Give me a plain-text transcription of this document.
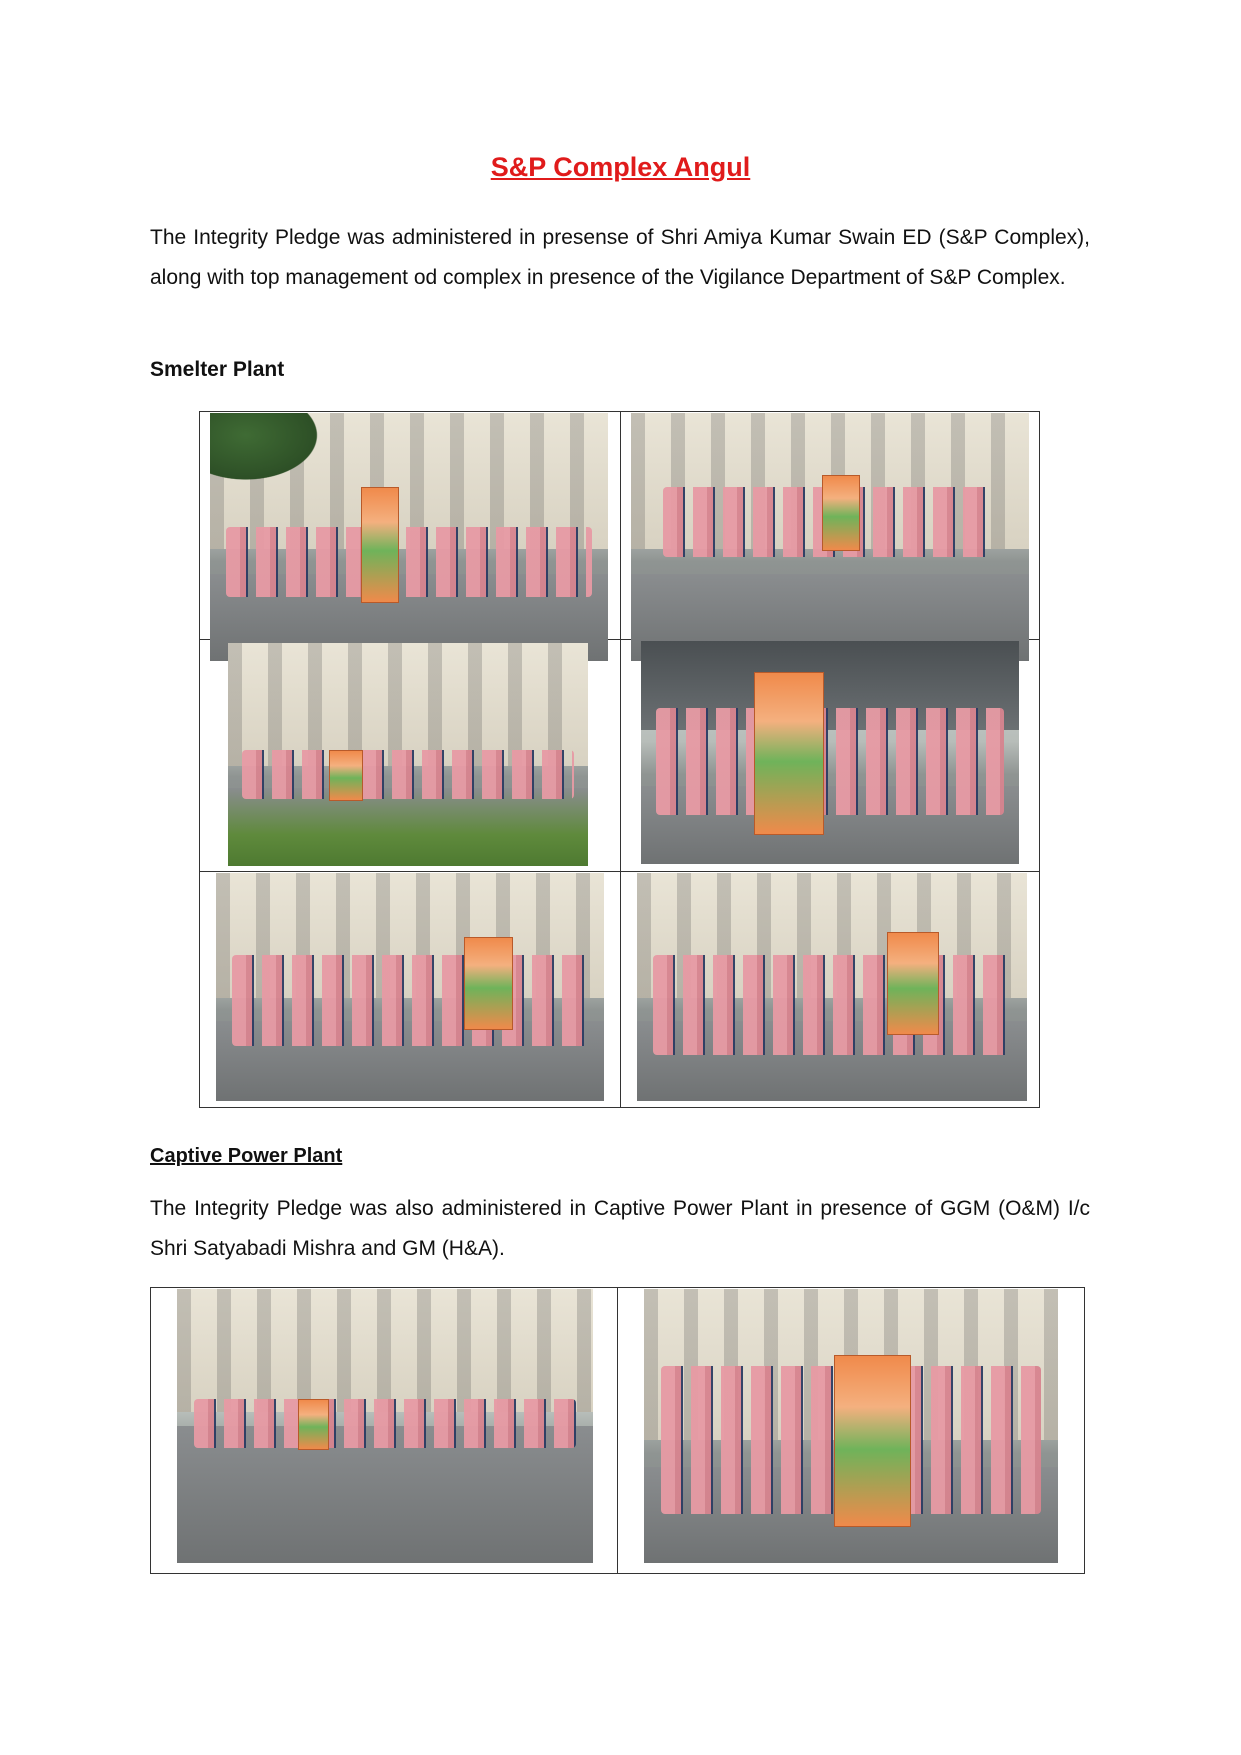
S&P Complex Angul

The Integrity Pledge was administered in presense of Shri Amiya Kumar Swain ED (S&P Complex), along with top management od complex in presence of the Vigilance Department of S&P Complex.

Smelter Plant

Captive Power Plant

The Integrity Pledge was also administered in Captive Power Plant in presence of GGM (O&M) I/c Shri Satyabadi Mishra and GM (H&A).
